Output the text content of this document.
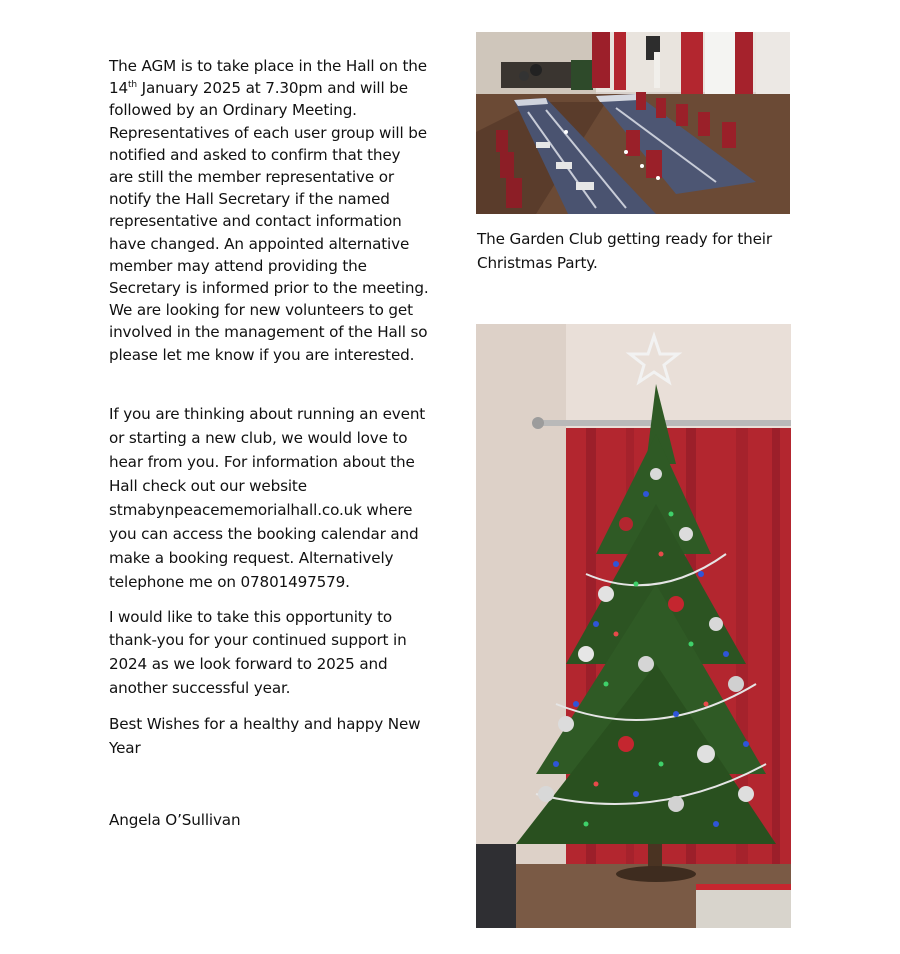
The AGM is to take place in the Hall on the 14th January 2025 at 7.30pm and will be followed by an Ordinary Meeting. Representatives of each user group will be notified and asked to confirm that they are still the member representative or notify the Hall Secretary if the named representative and contact information have changed. An appointed alternative member may attend providing the Secretary is informed prior to the meeting. We are looking for new volunteers to get involved in the management of the Hall so please let me know if you are interested.

If you are thinking about running an event or starting a new club, we would love to hear from you. For information about the Hall check out our website stmabynpeacememorialhall.co.uk where you can access the booking calendar and make a booking request. Alternatively telephone me on 07801497579.

I would like to take this opportunity to thank-you for your continued support in 2024 as we look forward to 2025 and another successful year.

Best Wishes for a healthy and happy New Year

Angela O’Sullivan

The Garden Club getting ready for their Christmas Party.
